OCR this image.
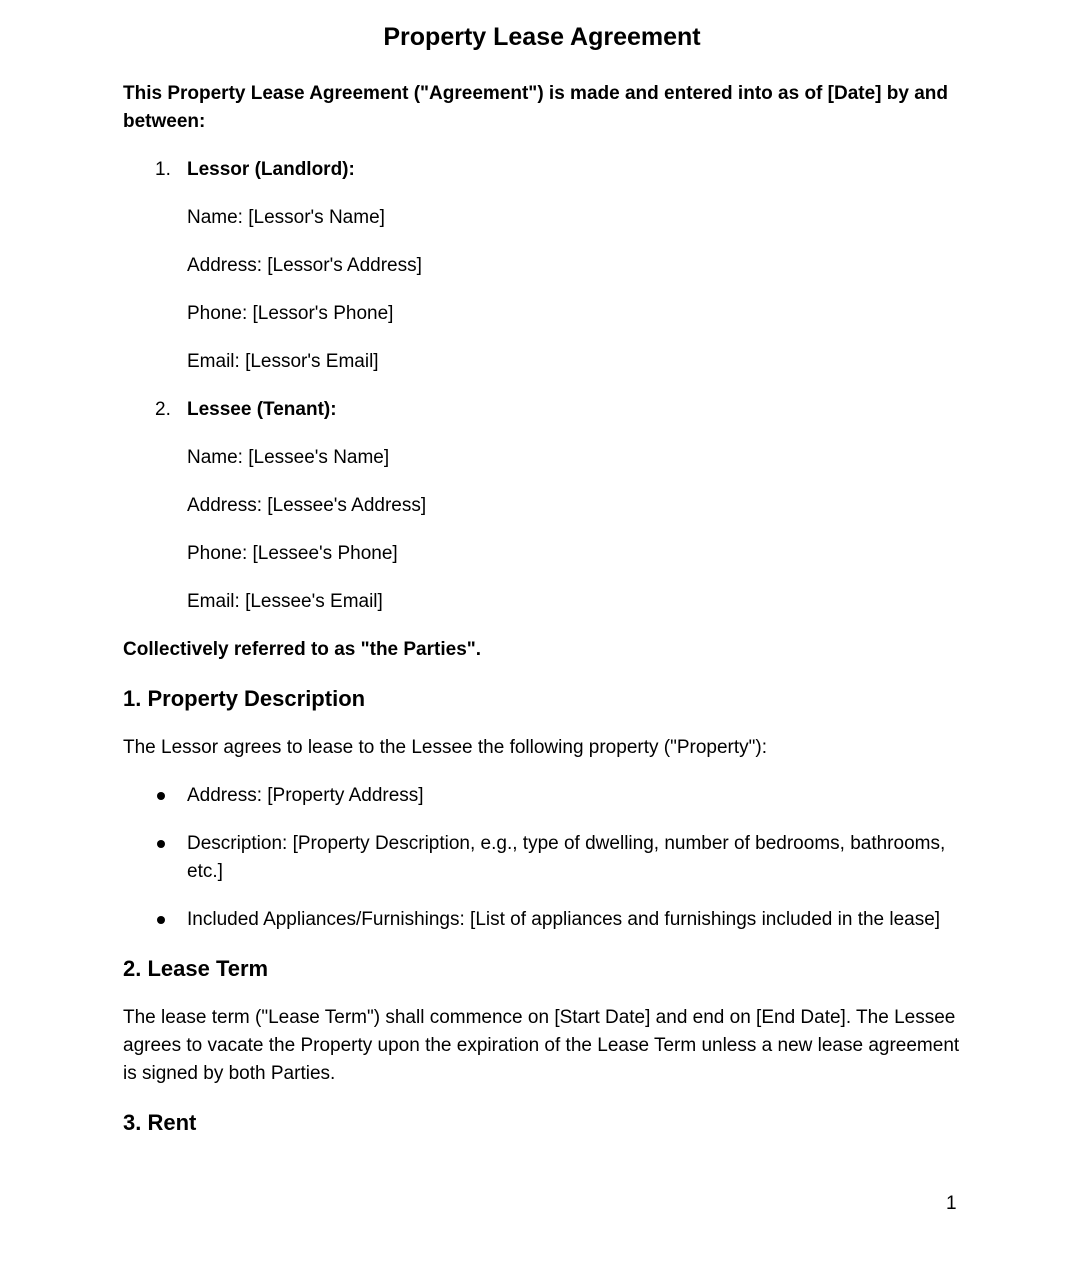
Property Lease Agreement

This Property Lease Agreement ("Agreement") is made and entered into as of [Date] by and between:

1. Lessor (Landlord):

Name: [Lessor's Name]

Address: [Lessor's Address]

Phone: [Lessor's Phone]

Email: [Lessor's Email]

2. Lessee (Tenant):

Name: [Lessee's Name]

Address: [Lessee's Address]

Phone: [Lessee's Phone]

Email: [Lessee's Email]

Collectively referred to as "the Parties".

1. Property Description

The Lessor agrees to lease to the Lessee the following property ("Property"):

Address: [Property Address]
Description: [Property Description, e.g., type of dwelling, number of bedrooms, bathrooms, etc.]
Included Appliances/Furnishings: [List of appliances and furnishings included in the lease]
2. Lease Term

The lease term ("Lease Term") shall commence on [Start Date] and end on [End Date]. The Lessee agrees to vacate the Property upon the expiration of the Lease Term unless a new lease agreement is signed by both Parties.

3. Rent
1
